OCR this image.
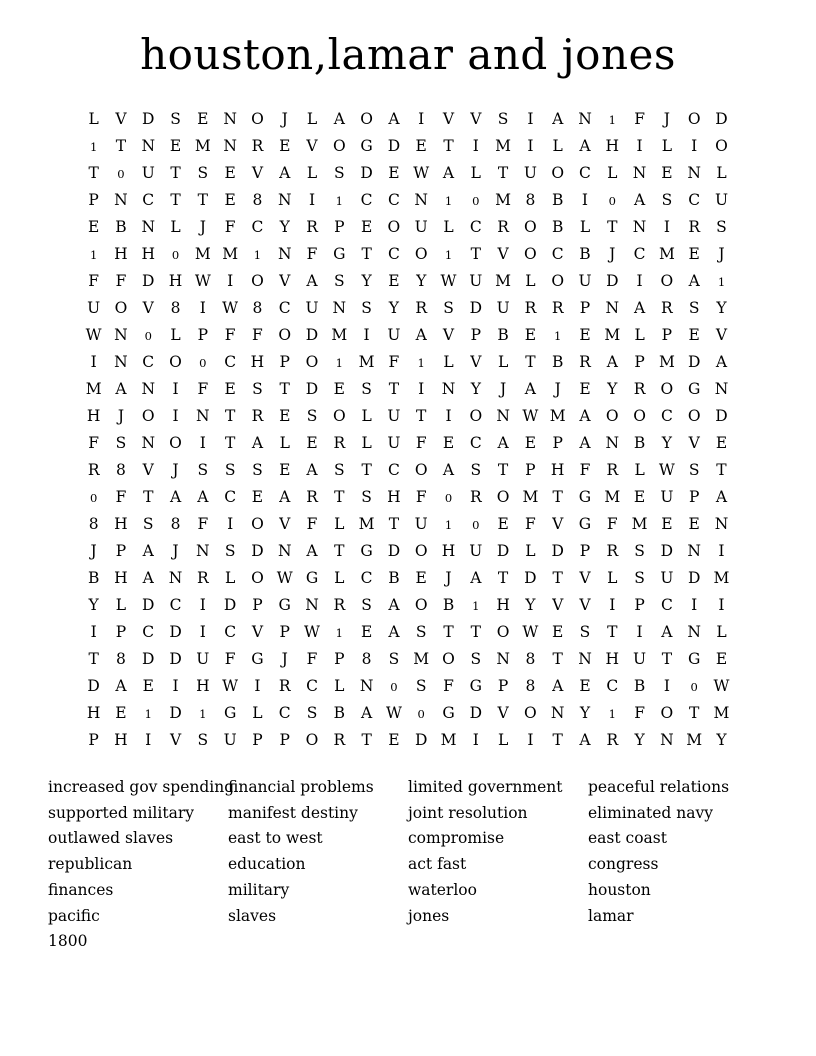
houston,lamar and jones
L V D S E N O J L A O A I V V S I A N 1 F J O D
1 T N E M N R E V O G D E T I M I L A H I L I O
T 0 U T S E V A L S D E W A L T U O C L N E N L
P N C T T E 8 N I 1 C C N 1 0 M 8 B I 0 A S C U
E B N L J F C Y R P E O U L C R O B L T N I R S
1 H H 0 M M 1 N F G T C O 1 T V O C B J C M E J
F F D H W I O V A S Y E Y W U M L O U D I O A 1
U O V 8 I W 8 C U N S Y R S D U R R P N A R S Y
W N 0 L P F F O D M I U A V P B E 1 E M L P E V
I N C O 0 C H P O 1 M F 1 L V L T B R A P M D A
M A N I F E S T D E S T I N Y J A J E Y R O G N
H J O I N T R E S O L U T I O N W M A O O C O D
F S N O I T A L E R L U F E C A E P A N B Y V E
R 8 V J S S S E A S T C O A S T P H F R L W S T
0 F T A A C E A R T S H F 0 R O M T G M E U P A
8 H S 8 F I O V F L M T U 1 0 E F V G F M E E N
J P A J N S D N A T G D O H U D L D P R S D N I
B H A N R L O W G L C B E J A T D T V L S U D M
Y L D C I D P G N R S A O B 1 H Y V V I P C I I
I P C D I C V P W 1 E A S T T O W E S T I A N L
T 8 D D U F G J F P 8 S M O S N 8 T N H U T G E
D A E I H W I R C L N 0 S F G P 8 A E C B I 0 W
H E 1 D 1 G L C S B A W 0 G D V O N Y 1 F O T M
P H I V S U P P O R T E D M I L I T A R Y N M Y
increased gov spending
supported military
outlawed slaves
republican
finances
pacific
1800
financial problems
manifest destiny
east to west
education
military
slaves
limited government
joint resolution
compromise
act fast
waterloo
jones
peaceful relations
eliminated navy
east coast
congress
houston
lamar
